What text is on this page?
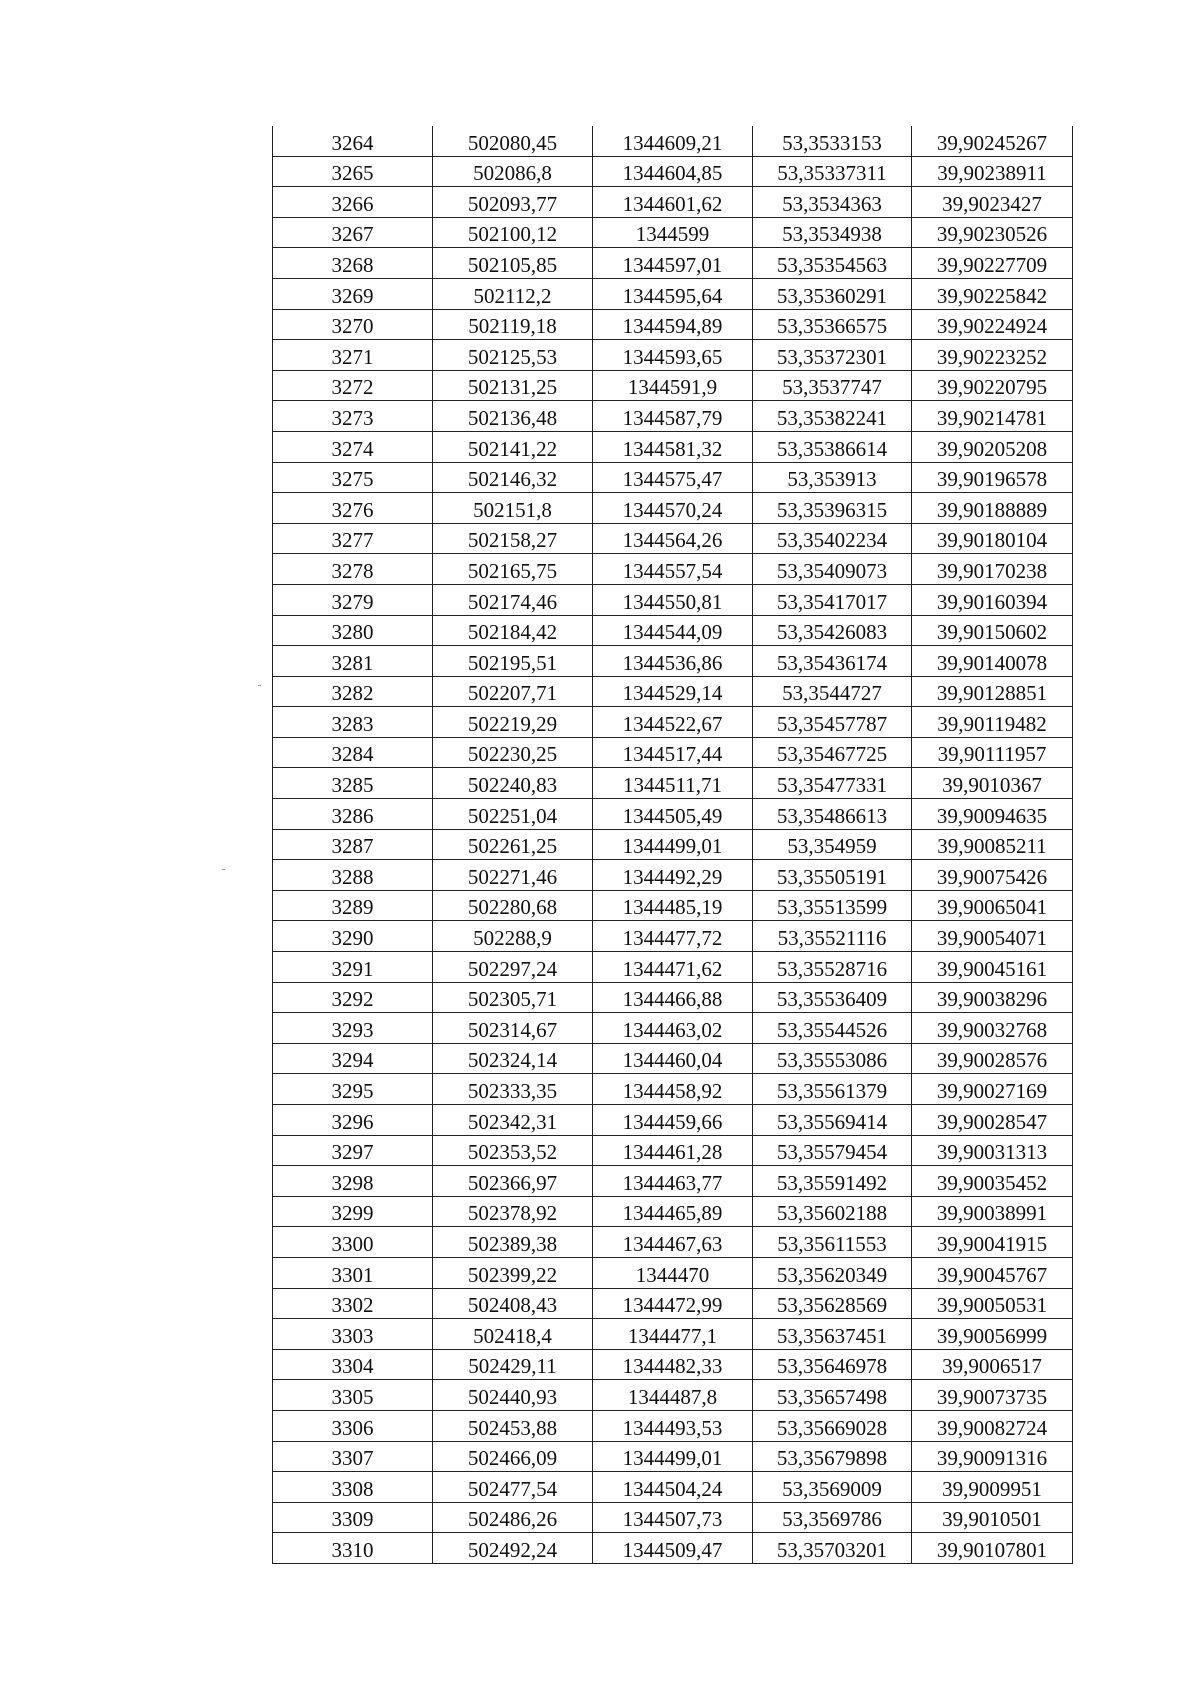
3264	502080,45	1344609,21	53,3533153	39,90245267
3265	502086,8	1344604,85	53,35337311	39,90238911
3266	502093,77	1344601,62	53,3534363	39,9023427
3267	502100,12	1344599	53,3534938	39,90230526
3268	502105,85	1344597,01	53,35354563	39,90227709
3269	502112,2	1344595,64	53,35360291	39,90225842
3270	502119,18	1344594,89	53,35366575	39,90224924
3271	502125,53	1344593,65	53,35372301	39,90223252
3272	502131,25	1344591,9	53,3537747	39,90220795
3273	502136,48	1344587,79	53,35382241	39,90214781
3274	502141,22	1344581,32	53,35386614	39,90205208
3275	502146,32	1344575,47	53,353913	39,90196578
3276	502151,8	1344570,24	53,35396315	39,90188889
3277	502158,27	1344564,26	53,35402234	39,90180104
3278	502165,75	1344557,54	53,35409073	39,90170238
3279	502174,46	1344550,81	53,35417017	39,90160394
3280	502184,42	1344544,09	53,35426083	39,90150602
3281	502195,51	1344536,86	53,35436174	39,90140078
3282	502207,71	1344529,14	53,3544727	39,90128851
3283	502219,29	1344522,67	53,35457787	39,90119482
3284	502230,25	1344517,44	53,35467725	39,90111957
3285	502240,83	1344511,71	53,35477331	39,9010367
3286	502251,04	1344505,49	53,35486613	39,90094635
3287	502261,25	1344499,01	53,354959	39,90085211
3288	502271,46	1344492,29	53,35505191	39,90075426
3289	502280,68	1344485,19	53,35513599	39,90065041
3290	502288,9	1344477,72	53,35521116	39,90054071
3291	502297,24	1344471,62	53,35528716	39,90045161
3292	502305,71	1344466,88	53,35536409	39,90038296
3293	502314,67	1344463,02	53,35544526	39,90032768
3294	502324,14	1344460,04	53,35553086	39,90028576
3295	502333,35	1344458,92	53,35561379	39,90027169
3296	502342,31	1344459,66	53,35569414	39,90028547
3297	502353,52	1344461,28	53,35579454	39,90031313
3298	502366,97	1344463,77	53,35591492	39,90035452
3299	502378,92	1344465,89	53,35602188	39,90038991
3300	502389,38	1344467,63	53,35611553	39,90041915
3301	502399,22	1344470	53,35620349	39,90045767
3302	502408,43	1344472,99	53,35628569	39,90050531
3303	502418,4	1344477,1	53,35637451	39,90056999
3304	502429,11	1344482,33	53,35646978	39,9006517
3305	502440,93	1344487,8	53,35657498	39,90073735
3306	502453,88	1344493,53	53,35669028	39,90082724
3307	502466,09	1344499,01	53,35679898	39,90091316
3308	502477,54	1344504,24	53,3569009	39,9009951
3309	502486,26	1344507,73	53,3569786	39,9010501
3310	502492,24	1344509,47	53,35703201	39,90107801
